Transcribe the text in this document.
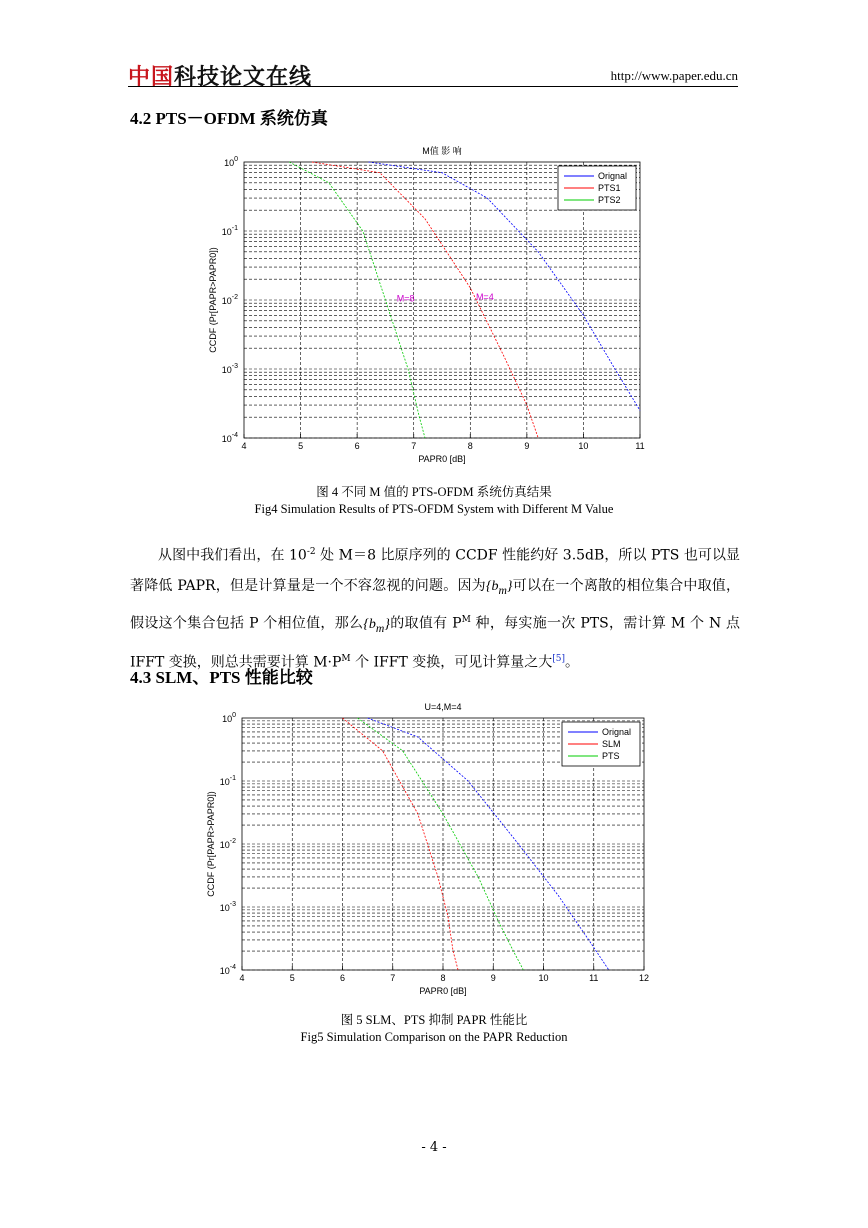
中国科技论文在线	http://www.paper.edu.cn
4.2 PTS－OFDM 系统仿真
4	5	6	7	8	9	10	11
$10^0$
$10^{-1}$
$10^{-2}$
$10^{-3}$
$10^{-4}$
Orignal
PTS1
PTS2
M=8	M=4
M值 影 响
PAPR0 [dB]
CCDF (Pr[PAPR>PAPR0])
4	5	6	7	8	9	10	11	12
$10^0$
$10^{-1}$
$10^{-2}$
$10^{-3}$
$10^{-4}$
Orignal
SLM
PTS
U=4,M=4
PAPR0 [dB]
CCDF (Pr[PAPR>PAPR0])
图 4 不同 M 值的 PTS-OFDM 系统仿真结果
Fig4 Simulation Results of PTS-OFDM System with Different M Value
从图中我们看出，在 $10^{-2}$ 处 M＝8 比原序列的 CCDF 性能约好 3.5dB，所以 PTS 也可以显著降低 PAPR，但是计算量是一个不容忽视的问题。因为$\{b_m\}$可以在一个离散的相位集合中取值，假设这个集合包括 P 个相位值，那么$\{b_m\}$的取值有 $P^M$ 种，每实施一次 PTS，需计算 M 个 N 点 IFFT 变换，则总共需要计算 $M\cdot P^M$ 个 IFFT 变换，可见计算量之大[5]。
4.3 SLM、PTS 性能比较
图 5 SLM、PTS 抑制 PAPR 性能比
Fig5 Simulation Comparison on the PAPR Reduction
- 4 -
